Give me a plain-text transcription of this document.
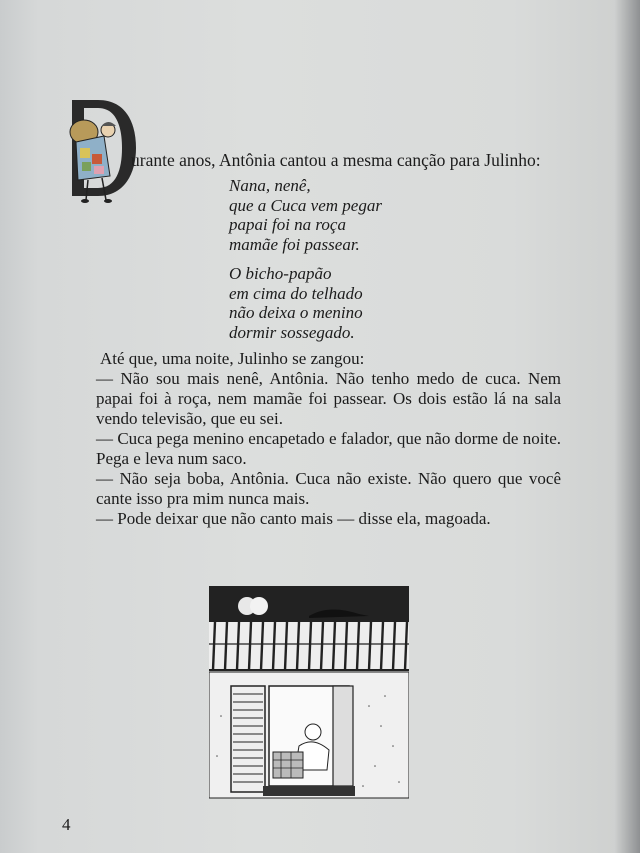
urante anos, Antônia cantou a mesma canção para Julinho:
Nana, nenê,
que a Cuca vem pegar
papai foi na roça
mamãe foi passear.
O bicho-papão
em cima do telhado
não deixa o menino
dormir sossegado.

Até que, uma noite, Julinho se zangou:

— Não sou mais nenê, Antônia. Não tenho medo de cuca. Nem papai foi à roça, nem mamãe foi passear. Os dois estão lá na sala vendo televisão, que eu sei.

— Cuca pega menino encapetado e falador, que não dorme de noite. Pega e leva num saco.

— Não seja boba, Antônia. Cuca não existe. Não quero que você cante isso pra mim nunca mais.

— Pode deixar que não canto mais — disse ela, magoada.

4
